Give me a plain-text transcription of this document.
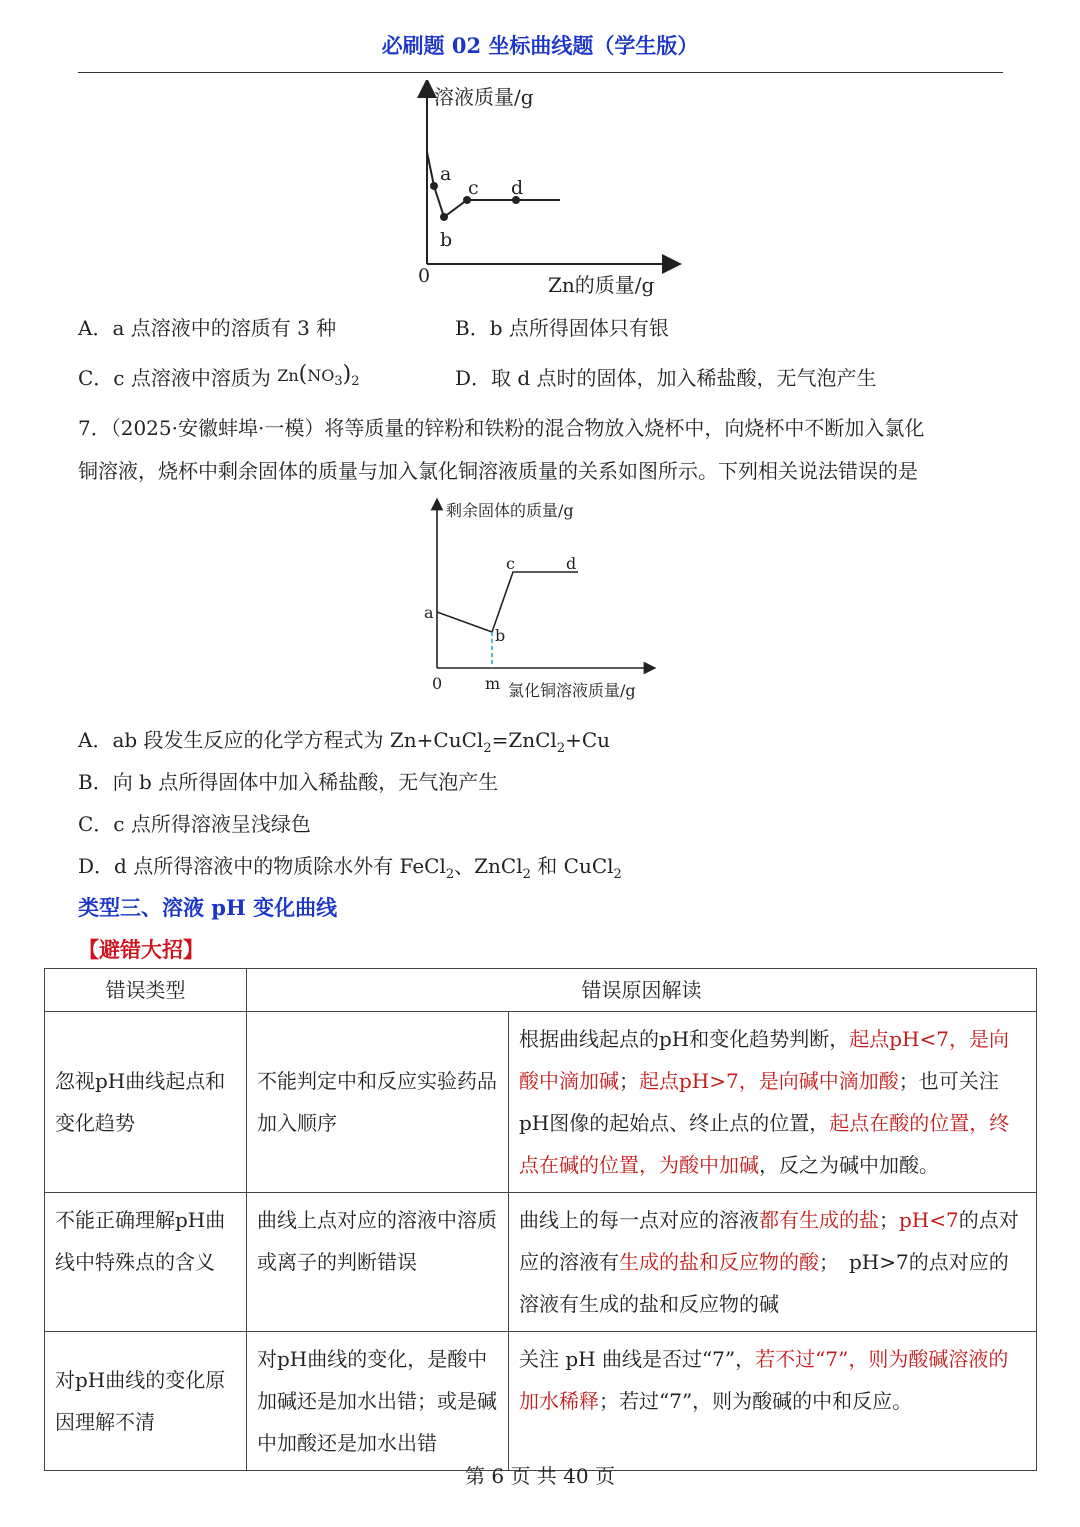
必刷题 02 坐标曲线题（学生版）
a
b
c d
溶液质量/g
Zn的质量/g
0
A．a 点溶液中的溶质有 3 种	B．b 点所得固体只有银
C．c 点溶液中溶质为 $^{Zn(NO_3)_2}$	D．取 d 点时的固体，加入稀盐酸，无气泡产生
7．（2025·安徽蚌埠·一模）将等质量的锌粉和铁粉的混合物放入烧杯中，向烧杯中不断加入氯化
铜溶液，烧杯中剩余固体的质量与加入氯化铜溶液质量的关系如图所示。下列相关说法错误的是
a
b
c	d
剩余固体的质量/g
氯化铜溶液质量/g
0	m
A．ab 段发生反应的化学方程式为 Zn+CuCl$_2$=ZnCl$_2$+Cu
B．向 b 点所得固体中加入稀盐酸，无气泡产生
C．c 点所得溶液呈浅绿色
D．d 点所得溶液中的物质除水外有 FeCl$_2$、ZnCl$_2$ 和 CuCl$_2$
类型三、溶液 pH 变化曲线
【避错大招】
错误类型	错误原因解读	
忽视pH曲线起点和变化趋势	不能判定中和反应实验药品加入顺序	根据曲线起点的pH和变化趋势判断，起点pH<7，是向酸中滴加碱；起点pH>7，是向碱中滴加酸；也可关注pH图像的起始点、终止点的位置，起点在酸的位置，终点在碱的位置，为酸中加碱，反之为碱中加酸。
不能正确理解pH曲线中特殊点的含义	曲线上点对应的溶液中溶质或离子的判断错误	曲线上的每一点对应的溶液都有生成的盐；pH<7的点对应的溶液有生成的盐和反应物的酸；　pH>7的点对应的溶液有生成的盐和反应物的碱
对pH曲线的变化原因理解不清	对pH曲线的变化，是酸中加碱还是加水出错；或是碱中加酸还是加水出错	关注 pH 曲线是否过“7”，若不过“7”，则为酸碱溶液的加水稀释；若过“7”，则为酸碱的中和反应。
第 6 页 共 40 页
